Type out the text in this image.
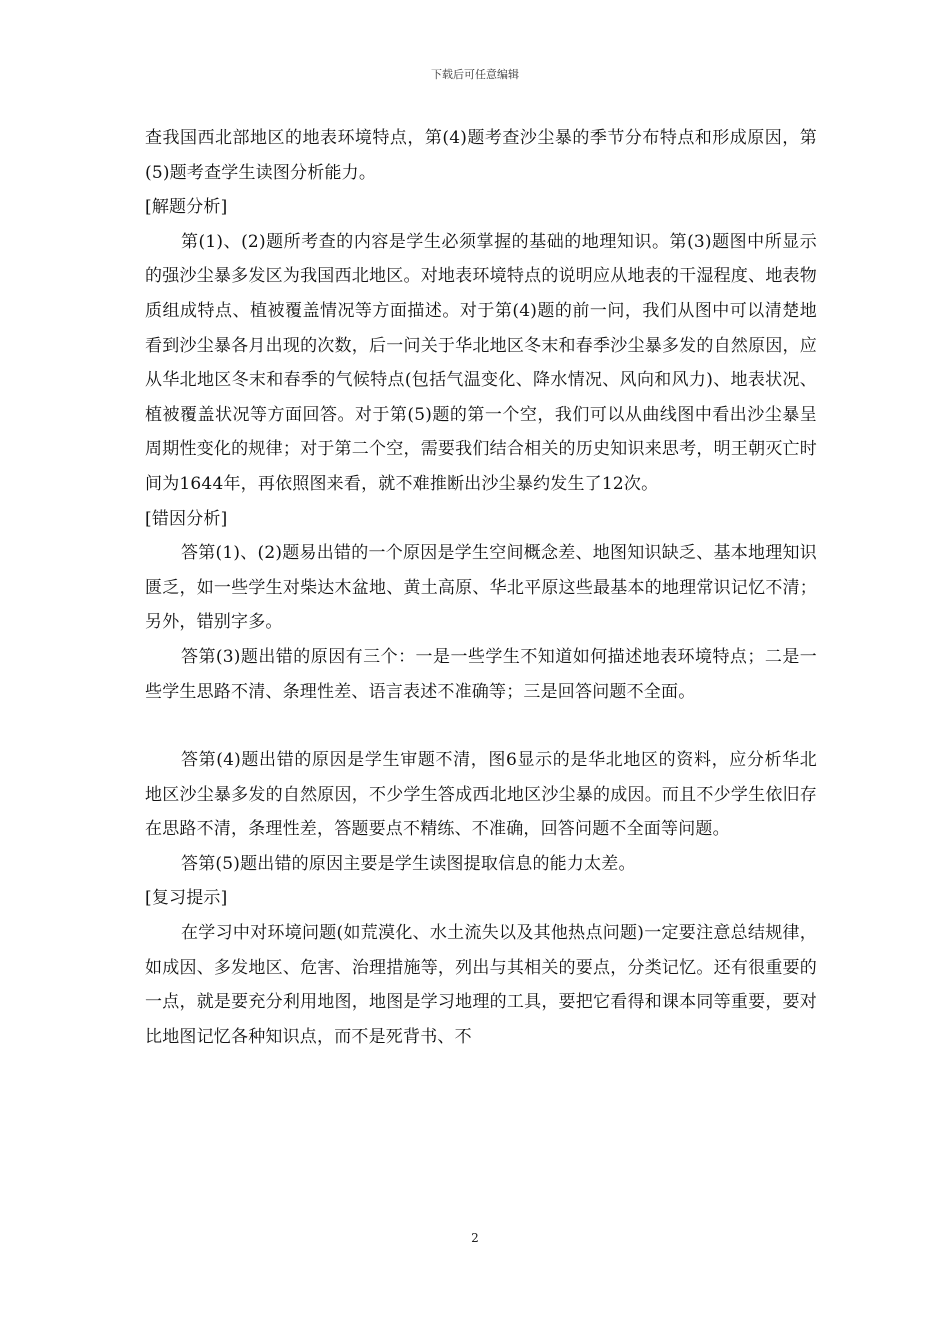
下载后可任意编辑

查我国西北部地区的地表环境特点，第(4)题考查沙尘暴的季节分布特点和形成原因，第(5)题考查学生读图分析能力。

[解题分析]

第(1)、(2)题所考查的内容是学生必须掌握的基础的地理知识。第(3)题图中所显示的强沙尘暴多发区为我国西北地区。对地表环境特点的说明应从地表的干湿程度、地表物质组成特点、植被覆盖情况等方面描述。对于第(4)题的前一问，我们从图中可以清楚地看到沙尘暴各月出现的次数，后一问关于华北地区冬末和春季沙尘暴多发的自然原因，应从华北地区冬末和春季的气候特点(包括气温变化、降水情况、风向和风力)、地表状况、植被覆盖状况等方面回答。对于第(5)题的第一个空，我们可以从曲线图中看出沙尘暴呈周期性变化的规律；对于第二个空，需要我们结合相关的历史知识来思考，明王朝灭亡时间为1644年，再依照图来看，就不难推断出沙尘暴约发生了12次。

[错因分析]

答第(1)、(2)题易出错的一个原因是学生空间概念差、地图知识缺乏、基本地理知识匮乏，如一些学生对柴达木盆地、黄土高原、华北平原这些最基本的地理常识记忆不清；另外，错别字多。

答第(3)题出错的原因有三个：一是一些学生不知道如何描述地表环境特点；二是一些学生思路不清、条理性差、语言表述不准确等；三是回答问题不全面。

答第(4)题出错的原因是学生审题不清，图6显示的是华北地区的资料，应分析华北地区沙尘暴多发的自然原因，不少学生答成西北地区沙尘暴的成因。而且不少学生依旧存在思路不清，条理性差，答题要点不精练、不准确，回答问题不全面等问题。

答第(5)题出错的原因主要是学生读图提取信息的能力太差。

[复习提示]

在学习中对环境问题(如荒漠化、水土流失以及其他热点问题)一定要注意总结规律，如成因、多发地区、危害、治理措施等，列出与其相关的要点，分类记忆。还有很重要的一点，就是要充分利用地图，地图是学习地理的工具，要把它看得和课本同等重要，要对比地图记忆各种知识点，而不是死背书、不

2
